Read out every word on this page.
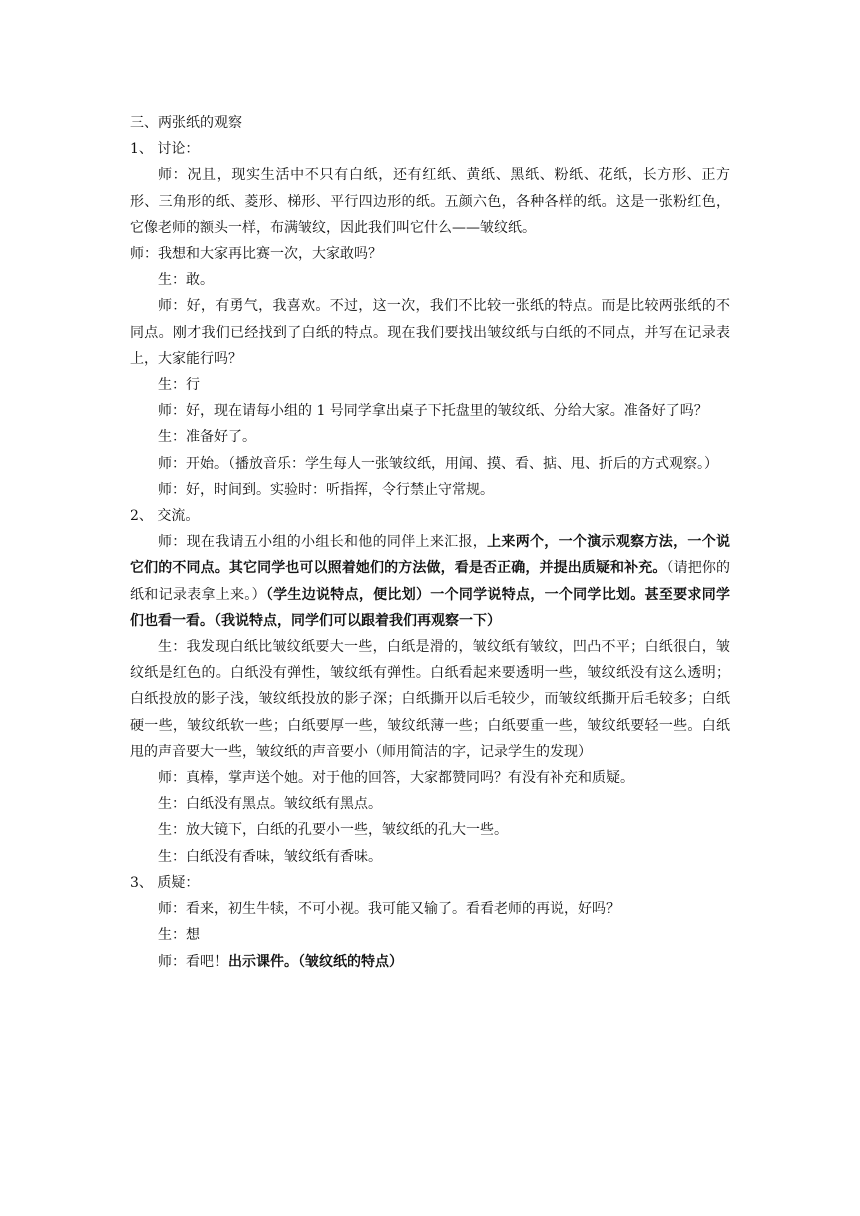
三、两张纸的观察

1、 讨论：

师：况且，现实生活中不只有白纸，还有红纸、黄纸、黑纸、粉纸、花纸，长方形、正方形、三角形的纸、菱形、梯形、平行四边形的纸。五颜六色，各种各样的纸。这是一张粉红色，它像老师的额头一样，布满皱纹，因此我们叫它什么——皱纹纸。

师：我想和大家再比赛一次，大家敢吗？

生：敢。

师：好，有勇气，我喜欢。不过，这一次，我们不比较一张纸的特点。而是比较两张纸的不同点。刚才我们已经找到了白纸的特点。现在我们要找出皱纹纸与白纸的不同点，并写在记录表上，大家能行吗？

生：行

师：好，现在请每小组的 1 号同学拿出桌子下托盘里的皱纹纸、分给大家。准备好了吗？

生：准备好了。

师：开始。（播放音乐：学生每人一张皱纹纸，用闻、摸、看、掂、甩、折后的方式观察。）

师：好，时间到。实验时：听指挥，令行禁止守常规。

2、 交流。

师：现在我请五小组的小组长和他的同伴上来汇报，上来两个，一个演示观察方法，一个说它们的不同点。其它同学也可以照着她们的方法做，看是否正确，并提出质疑和补充。（请把你的纸和记录表拿上来。）（学生边说特点，便比划）一个同学说特点，一个同学比划。甚至要求同学们也看一看。（我说特点，同学们可以跟着我们再观察一下）

生：我发现白纸比皱纹纸要大一些，白纸是滑的，皱纹纸有皱纹，凹凸不平；白纸很白，皱纹纸是红色的。白纸没有弹性，皱纹纸有弹性。白纸看起来要透明一些，皱纹纸没有这么透明；白纸投放的影子浅，皱纹纸投放的影子深；白纸撕开以后毛较少，而皱纹纸撕开后毛较多；白纸硬一些，皱纹纸软一些；白纸要厚一些，皱纹纸薄一些；白纸要重一些，皱纹纸要轻一些。白纸甩的声音要大一些，皱纹纸的声音要小（师用简洁的字，记录学生的发现）

师：真棒，掌声送个她。对于他的回答，大家都赞同吗？有没有补充和质疑。

生：白纸没有黑点。皱纹纸有黑点。

生：放大镜下，白纸的孔要小一些，皱纹纸的孔大一些。

生：白纸没有香味，皱纹纸有香味。

3、 质疑：

师：看来，初生牛犊，不可小视。我可能又输了。看看老师的再说，好吗？

生：想

师：看吧！出示课件。（皱纹纸的特点）
